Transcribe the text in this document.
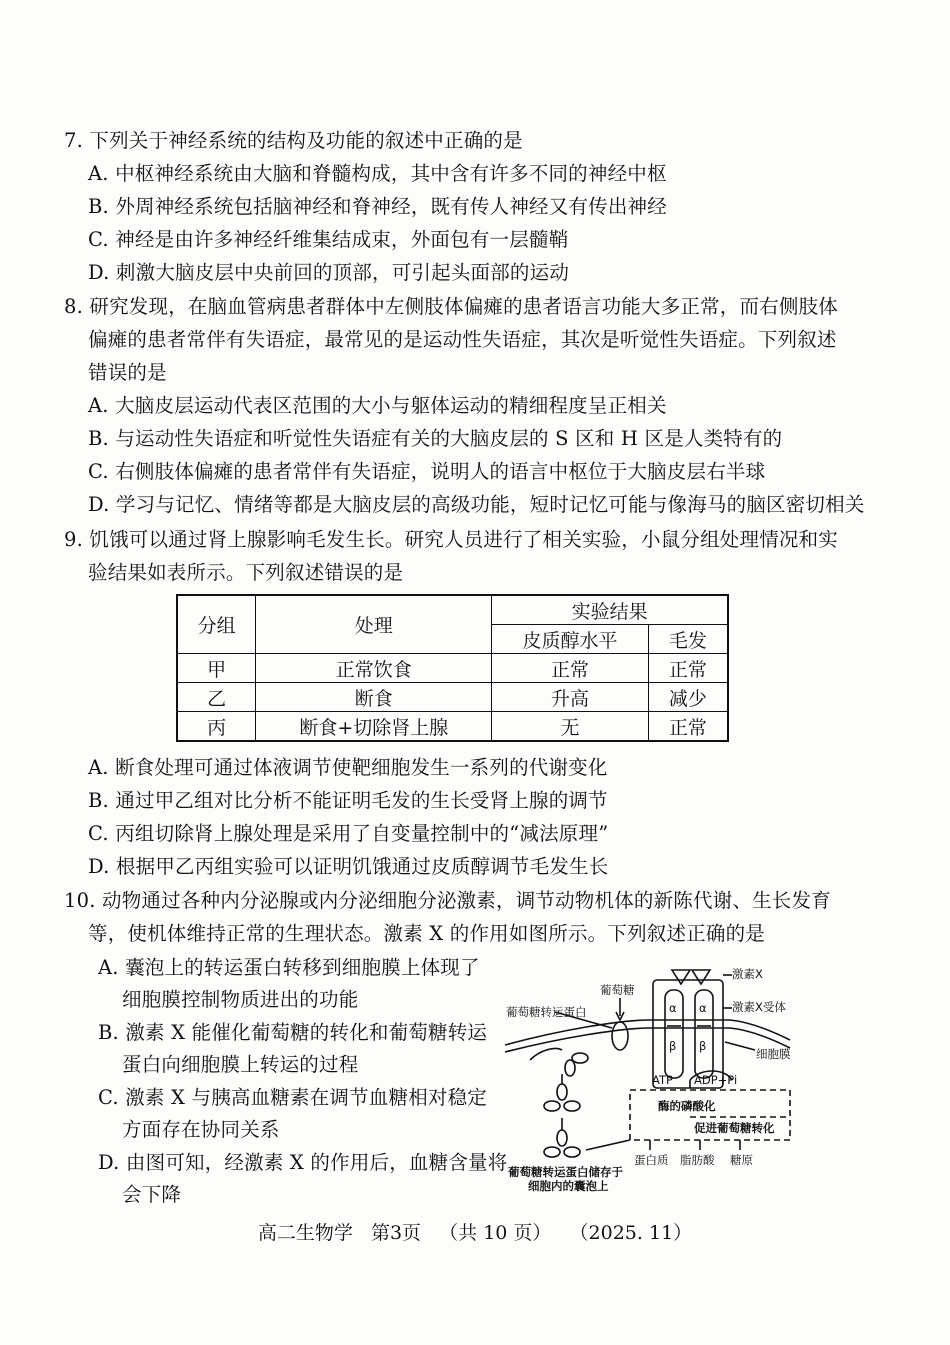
7. 下列关于神经系统的结构及功能的叙述中正确的是
A. 中枢神经系统由大脑和脊髓构成，其中含有许多不同的神经中枢
B. 外周神经系统包括脑神经和脊神经，既有传人神经又有传出神经
C. 神经是由许多神经纤维集结成束，外面包有一层髓鞘
D. 刺激大脑皮层中央前回的顶部，可引起头面部的运动
8. 研究发现，在脑血管病患者群体中左侧肢体偏瘫的患者语言功能大多正常，而右侧肢体
偏瘫的患者常伴有失语症，最常见的是运动性失语症，其次是听觉性失语症。下列叙述
错误的是
A. 大脑皮层运动代表区范围的大小与躯体运动的精细程度呈正相关
B. 与运动性失语症和听觉性失语症有关的大脑皮层的 S 区和 H 区是人类特有的
C. 右侧肢体偏瘫的患者常伴有失语症，说明人的语言中枢位于大脑皮层右半球
D. 学习与记忆、情绪等都是大脑皮层的高级功能，短时记忆可能与像海马的脑区密切相关
9. 饥饿可以通过肾上腺影响毛发生长。研究人员进行了相关实验，小鼠分组处理情况和实
验结果如表所示。下列叙述错误的是
分组	处理	实验结果	
		皮质醇水平	毛发
甲	正常饮食	正常	正常
乙	断食	升高	减少
丙	断食+切除肾上腺	无	正常
A. 断食处理可通过体液调节使靶细胞发生一系列的代谢变化
B. 通过甲乙组对比分析不能证明毛发的生长受肾上腺的调节
C. 丙组切除肾上腺处理是采用了自变量控制中的“减法原理”
D. 根据甲乙丙组实验可以证明饥饿通过皮质醇调节毛发生长
10. 动物通过各种内分泌腺或内分泌细胞分泌激素，调节动物机体的新陈代谢、生长发育
等，使机体维持正常的生理状态。激素 X 的作用如图所示。下列叙述正确的是
A. 囊泡上的转运蛋白转移到细胞膜上体现了
细胞膜控制物质进出的功能
B. 激素 X 能催化葡萄糖的转化和葡萄糖转运
蛋白向细胞膜上转运的过程
C. 激素 X 与胰高血糖素在调节血糖相对稳定
方面存在协同关系
D. 由图可知，经激素 X 的作用后，血糖含量将
会下降
激素X
激素X受体
细胞膜
葡萄糖
葡萄糖转运蛋白	α α
β β
ATP ADP+Pi
酶的磷酸化
促进葡萄糖转化
蛋白质 脂肪酸 糖原
葡萄糖转运蛋白储存于
细胞内的囊泡上
高二生物学   第3页   （共 10 页）   （2025. 11）
